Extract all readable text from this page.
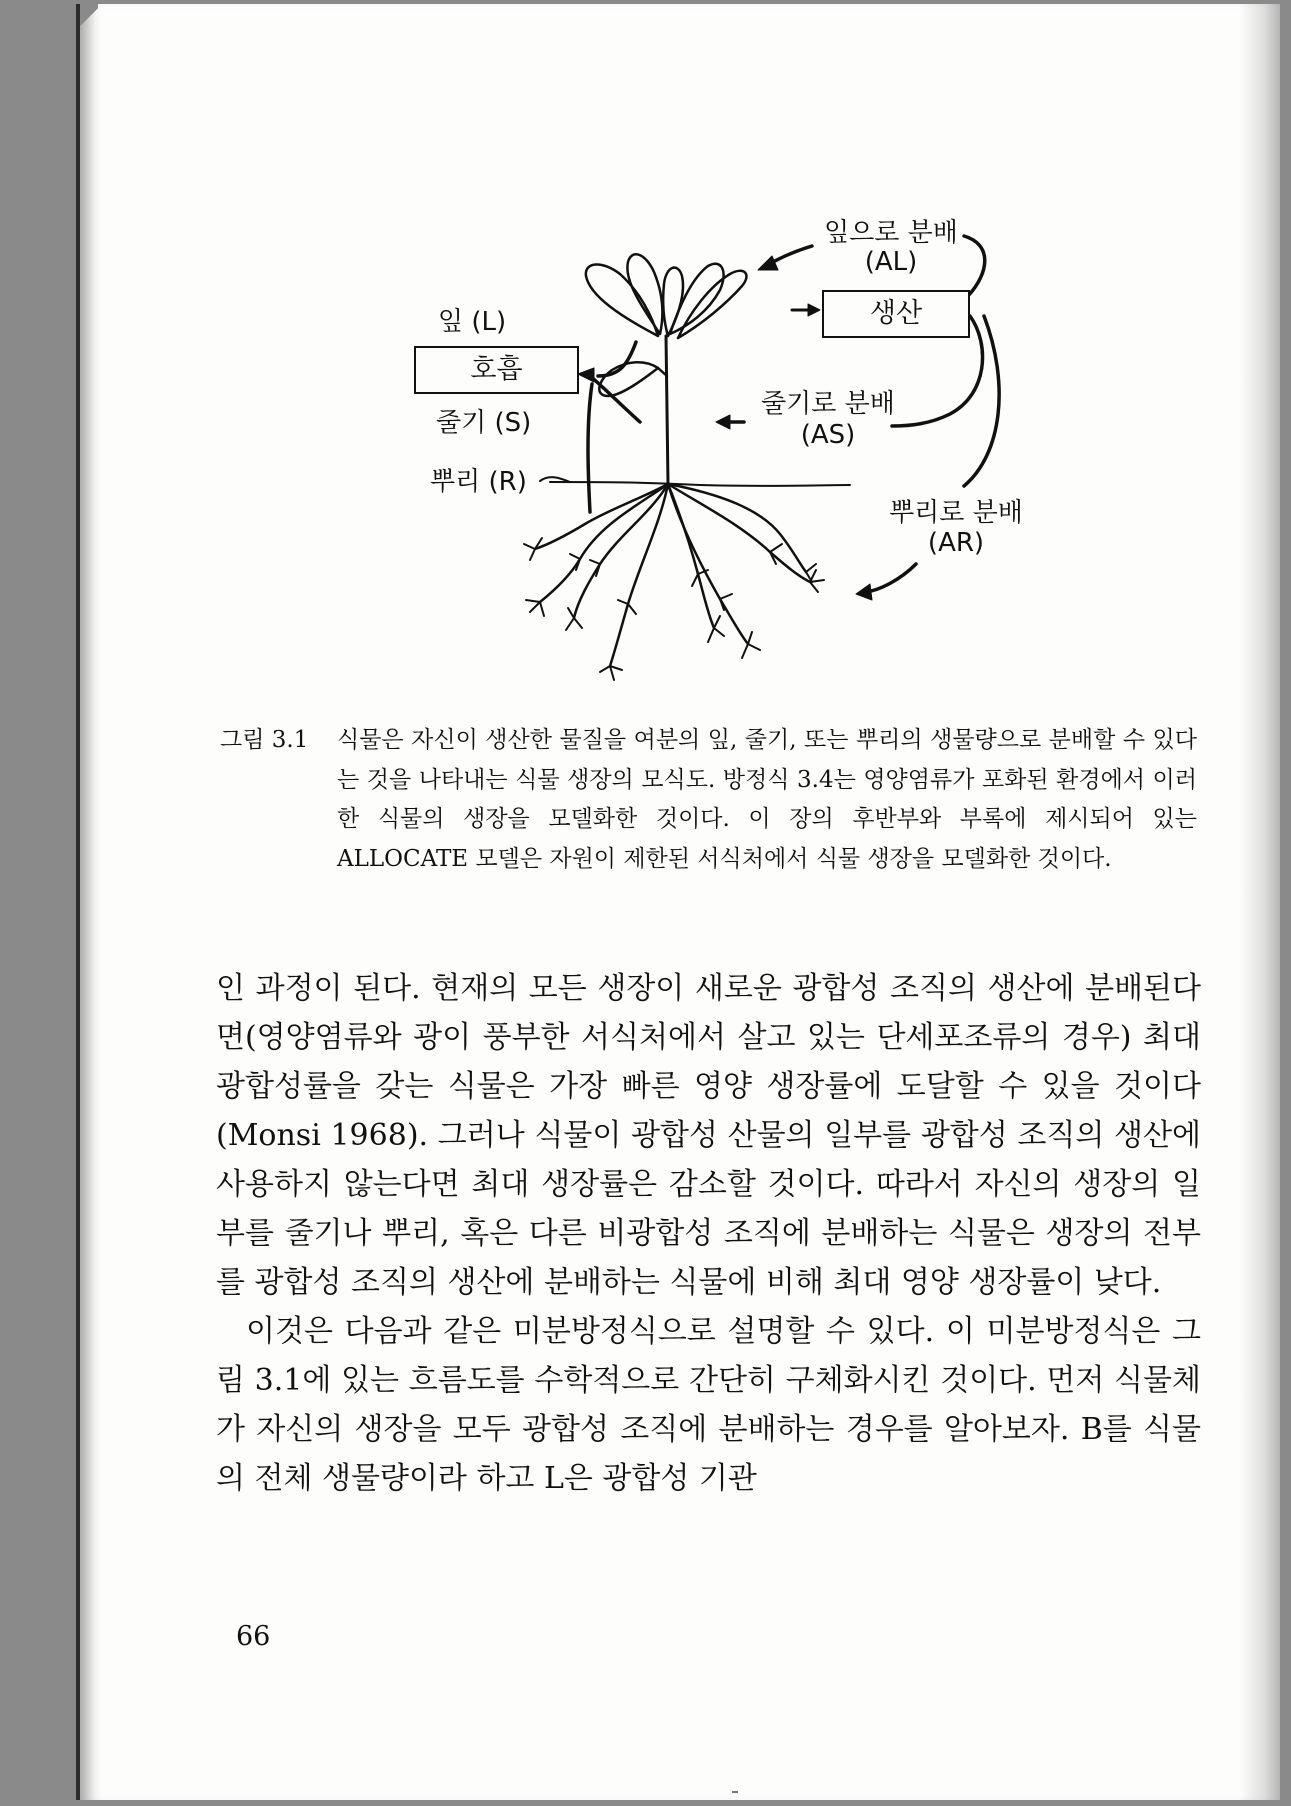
잎 (L)
호흡
줄기 (S)
뿌리 (R)
생산
잎으로 분배
(AL)
줄기로 분배
(AS)
뿌리로 분배
(AR)
그림 3.1 식물은 자신이 생산한 물질을 여분의 잎, 줄기, 또는 뿌리의 생물량으로 분배할 수 있다는 것을 나타내는 식물 생장의 모식도. 방정식 3.4는 영양염류가 포화된 환경에서 이러한 식물의 생장을 모델화한 것이다. 이 장의 후반부와 부록에 제시되어 있는 ALLOCATE 모델은 자원이 제한된 서식처에서 식물 생장을 모델화한 것이다.

인 과정이 된다. 현재의 모든 생장이 새로운 광합성 조직의 생산에 분배된다면(영양염류와 광이 풍부한 서식처에서 살고 있는 단세포조류의 경우) 최대 광합성률을 갖는 식물은 가장 빠른 영양 생장률에 도달할 수 있을 것이다(Monsi 1968). 그러나 식물이 광합성 산물의 일부를 광합성 조직의 생산에 사용하지 않는다면 최대 생장률은 감소할 것이다. 따라서 자신의 생장의 일부를 줄기나 뿌리, 혹은 다른 비광합성 조직에 분배하는 식물은 생장의 전부를 광합성 조직의 생산에 분배하는 식물에 비해 최대 영양 생장률이 낮다.

이것은 다음과 같은 미분방정식으로 설명할 수 있다. 이 미분방정식은 그림 3.1에 있는 흐름도를 수학적으로 간단히 구체화시킨 것이다. 먼저 식물체가 자신의 생장을 모두 광합성 조직에 분배하는 경우를 알아보자. B를 식물의 전체 생물량이라 하고 L은 광합성 기관

66
